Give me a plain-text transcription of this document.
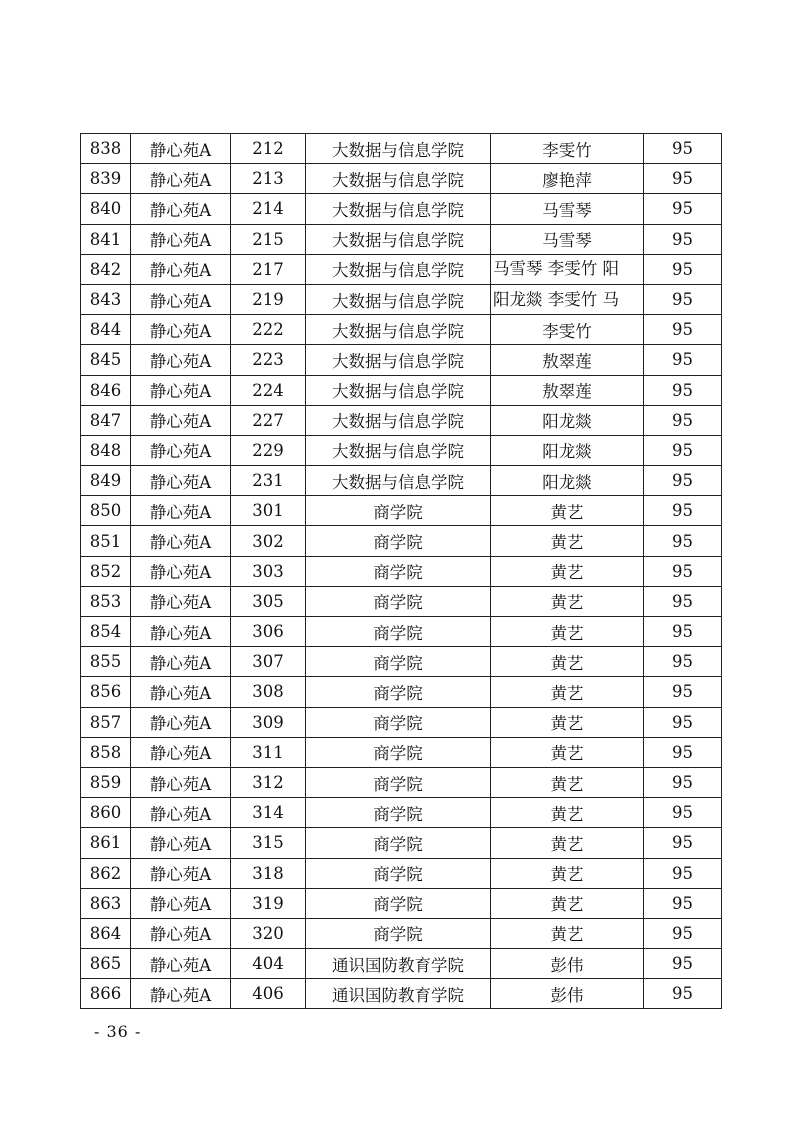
838	静心苑A	212	大数据与信息学院	李雯竹	95
839	静心苑A	213	大数据与信息学院	廖艳萍	95
840	静心苑A	214	大数据与信息学院	马雪琴	95
841	静心苑A	215	大数据与信息学院	马雪琴	95
842	静心苑A	217	大数据与信息学院	马雪琴 李雯竹 阳	95
843	静心苑A	219	大数据与信息学院	阳龙燚 李雯竹 马	95
844	静心苑A	222	大数据与信息学院	李雯竹	95
845	静心苑A	223	大数据与信息学院	敖翠莲	95
846	静心苑A	224	大数据与信息学院	敖翠莲	95
847	静心苑A	227	大数据与信息学院	阳龙燚	95
848	静心苑A	229	大数据与信息学院	阳龙燚	95
849	静心苑A	231	大数据与信息学院	阳龙燚	95
850	静心苑A	301	商学院	黄艺	95
851	静心苑A	302	商学院	黄艺	95
852	静心苑A	303	商学院	黄艺	95
853	静心苑A	305	商学院	黄艺	95
854	静心苑A	306	商学院	黄艺	95
855	静心苑A	307	商学院	黄艺	95
856	静心苑A	308	商学院	黄艺	95
857	静心苑A	309	商学院	黄艺	95
858	静心苑A	311	商学院	黄艺	95
859	静心苑A	312	商学院	黄艺	95
860	静心苑A	314	商学院	黄艺	95
861	静心苑A	315	商学院	黄艺	95
862	静心苑A	318	商学院	黄艺	95
863	静心苑A	319	商学院	黄艺	95
864	静心苑A	320	商学院	黄艺	95
865	静心苑A	404	通识国防教育学院	彭伟	95
866	静心苑A	406	通识国防教育学院	彭伟	95
- 36 -
